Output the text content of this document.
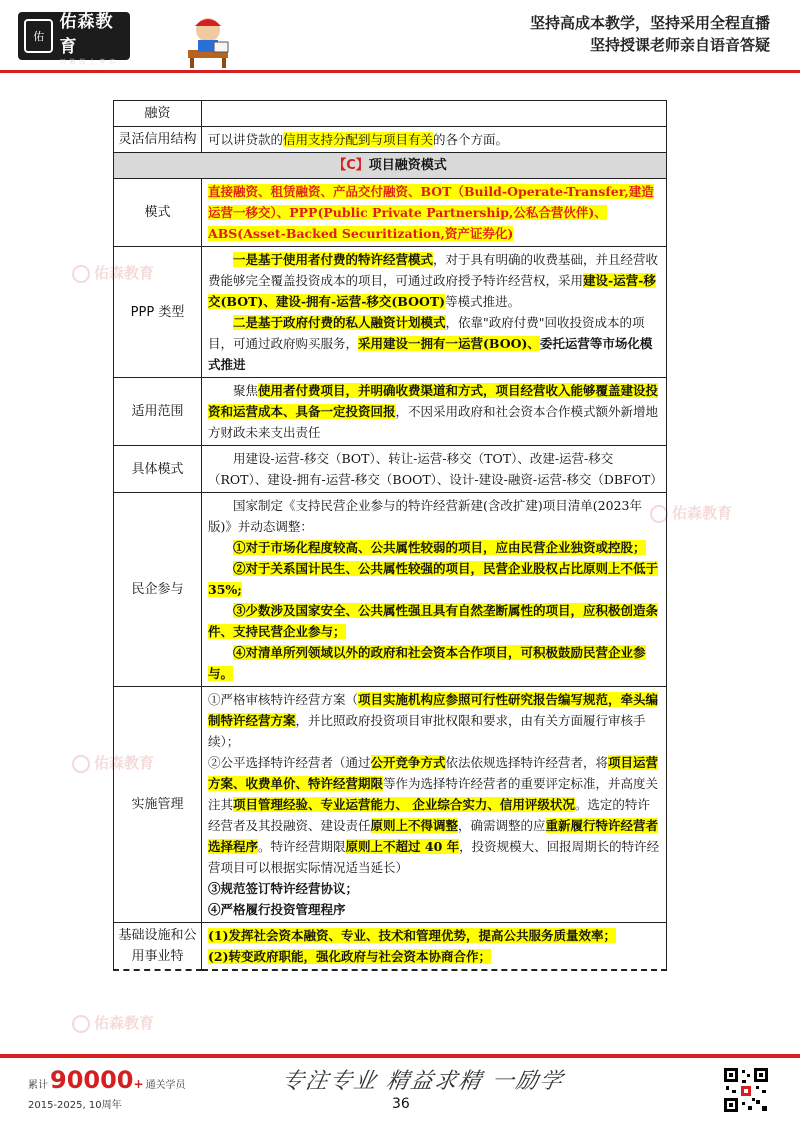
佑
佑森教育
只 做 线 上 考 培
坚持高成本教学，坚持采用全程直播
坚持授课老师亲自语音答疑
佑森教育
佑森教育
佑森教育
佑森教育
融资	
灵活信用结构	可以讲贷款的信用支持分配到与项目有关的各个方面。
【C】项目融资模式	
模式	直接融资、租赁融资、产品交付融资、BOT（Build-Operate-Transfer,建造运营一移交）、PPP(Public Private Partnership,公私合营伙伴)、ABS(Asset-Backed Securitization,资产证券化)
PPP 类型	一是基于使用者付费的特许经营模式，对于具有明确的收费基础，并且经营收费能够完全覆盖投资成本的项目，可通过政府授予特许经营权，采用建设-运营-移交(BOT)、建设-拥有-运营-移交(BOOT)等模式推进。
二是基于政府付费的私人融资计划模式，依靠"政府付费"回收投资成本的项目，可通过政府购买服务，采用建设一拥有一运营(BOO)、委托运营等市场化模式推进

适用范围	聚焦使用者付费项目，并明确收费渠道和方式，项目经营收入能够覆盖建设投资和运营成本、具备一定投资回报，不因采用政府和社会资本合作模式额外新增地方财政未来支出责任

具体模式	用建设-运营-移交（BOT）、转让-运营-移交（TOT）、改建-运营-移交（ROT）、建设-拥有-运营-移交（BOOT）、设计-建设-融资-运营-移交（DBFOT）

民企参与	国家制定《支持民营企业参与的特许经营新建(含改扩建)项目清单(2023年版)》并动态调整：
①对于市场化程度较高、公共属性较弱的项目，应由民营企业独资或控股；
②对于关系国计民生、公共属性较强的项目，民营企业股权占比原则上不低于35%;
③少数涉及国家安全、公共属性强且具有自然垄断属性的项目，应积极创造条件、支持民营企业参与；
④对清单所列领域以外的政府和社会资本合作项目，可积极鼓励民营企业参与。

实施管理	①严格审核特许经营方案（项目实施机构应参照可行性研究报告编写规范，牵头编制特许经营方案，并比照政府投资项目审批权限和要求，由有关方面履行审核手续）；
②公平选择特许经营者（通过公开竞争方式依法依规选择特许经营者，将项目运营方案、收费单价、特许经营期限等作为选择特许经营者的重要评定标准，并高度关注其项目管理经验、专业运营能力、 企业综合实力、信用评级状况。选定的特许经营者及其投融资、建设责任原则上不得调整，确需调整的应重新履行特许经营者选择程序。特许经营期限原则上不超过 40 年，投资规模大、回报周期长的特许经营项目可以根据实际情况适当延长）
③规范签订特许经营协议；
④严格履行投资管理程序

基础设施和公用事业特	(1)发挥社会资本融资、专业、技术和管理优势，提高公共服务质量效率；
(2)转变政府职能，强化政府与社会资本协商合作；
累计 90000 + 通关学员
2015-2025, 10周年
专注专业 精益求精 一励学
36
